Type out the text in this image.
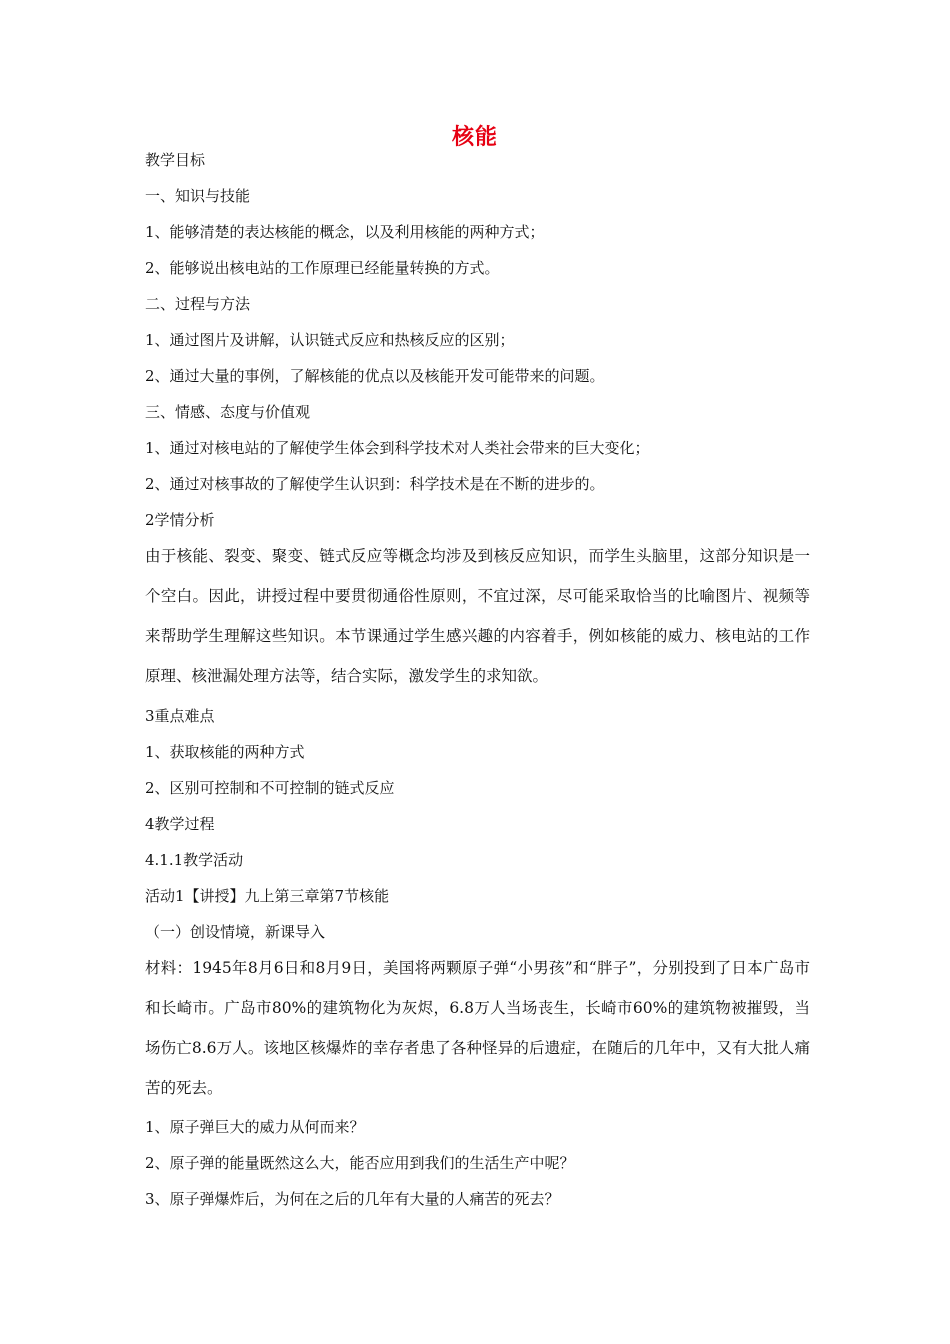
核能
教学目标
一、知识与技能
1、能够清楚的表达核能的概念，以及利用核能的两种方式；
2、能够说出核电站的工作原理已经能量转换的方式。
二、过程与方法
1、通过图片及讲解，认识链式反应和热核反应的区别；
2、通过大量的事例，了解核能的优点以及核能开发可能带来的问题。
三、情感、态度与价值观
1、通过对核电站的了解使学生体会到科学技术对人类社会带来的巨大变化；
2、通过对核事故的了解使学生认识到：科学技术是在不断的进步的。
2学情分析
由于核能、裂变、聚变、链式反应等概念均涉及到核反应知识，而学生头脑里，这部分知识是一个空白。因此，讲授过程中要贯彻通俗性原则，不宜过深，尽可能采取恰当的比喻图片、视频等来帮助学生理解这些知识。本节课通过学生感兴趣的内容着手，例如核能的威力、核电站的工作原理、核泄漏处理方法等，结合实际，激发学生的求知欲。
3重点难点
1、获取核能的两种方式
2、区别可控制和不可控制的链式反应
4教学过程
4.1.1教学活动
活动1【讲授】九上第三章第7节核能
（一）创设情境，新课导入
材料：1945年8月6日和8月9日，美国将两颗原子弹“小男孩”和“胖子”，分别投到了日本广岛市和长崎市。广岛市80%的建筑物化为灰烬，6.8万人当场丧生，长崎市60%的建筑物被摧毁，当场伤亡8.6万人。该地区核爆炸的幸存者患了各种怪异的后遗症，在随后的几年中，又有大批人痛苦的死去。
1、原子弹巨大的威力从何而来？
2、原子弹的能量既然这么大，能否应用到我们的生活生产中呢？
3、原子弹爆炸后，为何在之后的几年有大量的人痛苦的死去？
